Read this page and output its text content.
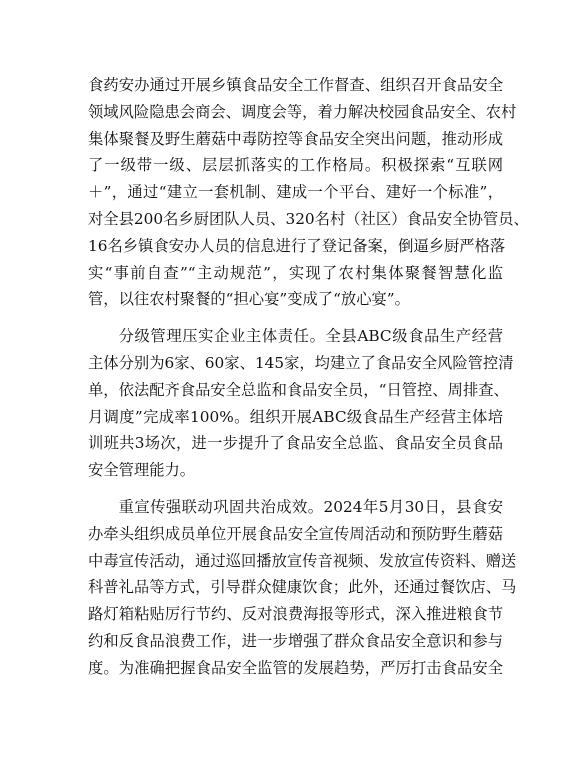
食药安办通过开展乡镇食品安全工作督查、组织召开食品安全
领域风险隐患会商会、调度会等，着力解决校园食品安全、农村
集体聚餐及野生蘑菇中毒防控等食品安全突出问题，推动形成
了一级带一级、层层抓落实的工作格局。积极探索“互联网
＋”，通过“建立一套机制、建成一个平台、建好一个标准”，
对全县200名乡厨团队人员、320名村（社区）食品安全协管员、
16名乡镇食安办人员的信息进行了登记备案，倒逼乡厨严格落
实“事前自查”“主动规范”，实现了农村集体聚餐智慧化监
管，以往农村聚餐的“担心宴”变成了“放心宴”。
分级管理压实企业主体责任。全县ABC级食品生产经营
主体分别为6家、60家、145家，均建立了食品安全风险管控清
单，依法配齐食品安全总监和食品安全员，“日管控、周排查、
月调度”完成率100%。组织开展ABC级食品生产经营主体培
训班共3场次，进一步提升了食品安全总监、食品安全员食品
安全管理能力。
重宣传强联动巩固共治成效。2024年5月30日，县食安
办牵头组织成员单位开展食品安全宣传周活动和预防野生蘑菇
中毒宣传活动，通过巡回播放宣传音视频、发放宣传资料、赠送
科普礼品等方式，引导群众健康饮食；此外，还通过餐饮店、马
路灯箱粘贴厉行节约、反对浪费海报等形式，深入推进粮食节
约和反食品浪费工作，进一步增强了群众食品安全意识和参与
度。为准确把握食品安全监管的发展趋势，严厉打击食品安全
